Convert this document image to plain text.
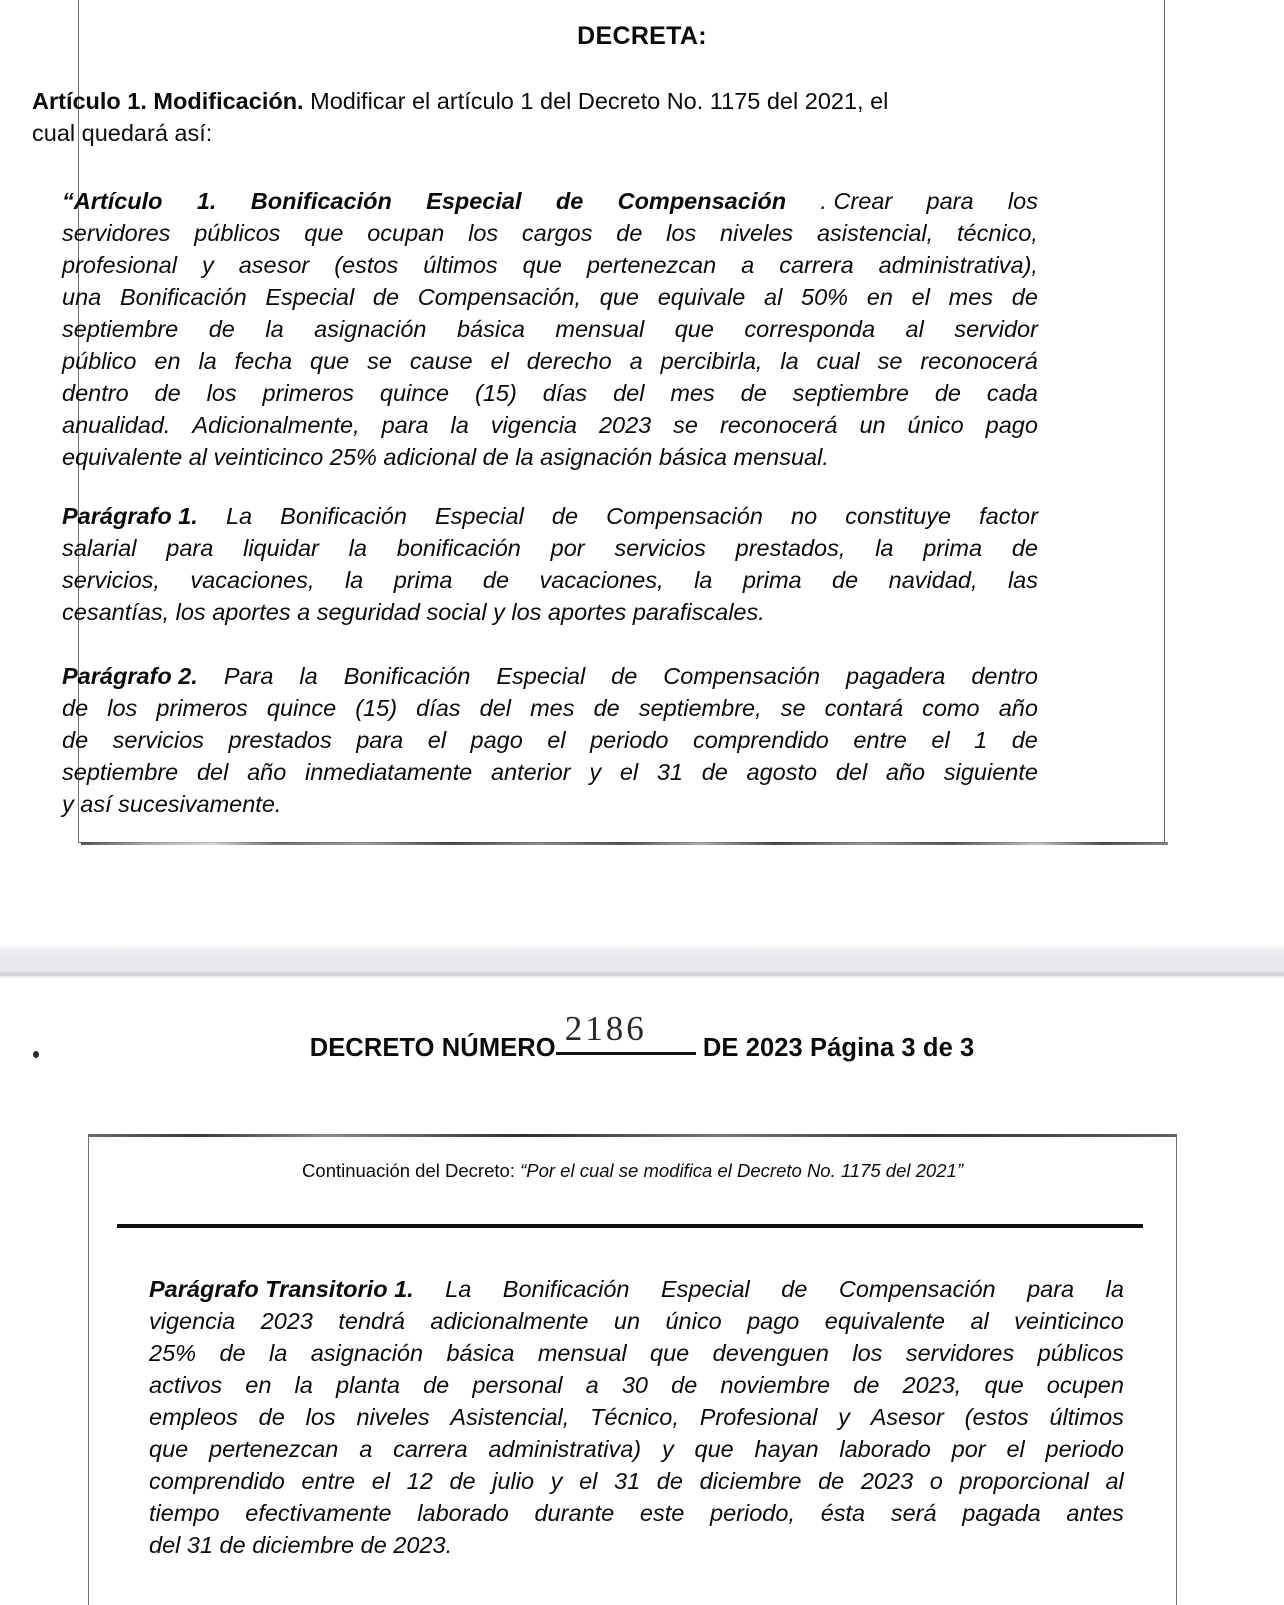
DECRETA:
Artículo 1. Modificación. Modificar el artículo 1 del Decreto No. 1175 del 2021, el
cual quedará así:
“Artículo 1. Bonificación Especial de Compensación . Crear para los
servidores públicos que ocupan los cargos de los niveles asistencial, técnico,
profesional y asesor (estos últimos que pertenezcan a carrera administrativa),
una Bonificación Especial de Compensación, que equivale al 50% en el mes de
septiembre de la asignación básica mensual que corresponda al servidor
público en la fecha que se cause el derecho a percibirla, la cual se reconocerá
dentro de los primeros quince (15) días del mes de septiembre de cada
anualidad. Adicionalmente, para la vigencia 2023 se reconocerá un único pago
equivalente al veinticinco 25% adicional de la asignación básica mensual.
Parágrafo 1. La Bonificación Especial de Compensación no constituye factor
salarial para liquidar la bonificación por servicios prestados, la prima de
servicios, vacaciones, la prima de vacaciones, la prima de navidad, las
cesantías, los aportes a seguridad social y los aportes parafiscales.
Parágrafo 2. Para la Bonificación Especial de Compensación pagadera dentro
de los primeros quince (15) días del mes de septiembre, se contará como año
de servicios prestados para el pago el periodo comprendido entre el 1 de
septiembre del año inmediatamente anterior y el 31 de agosto del año siguiente
y así sucesivamente.
DECRETO NÚMERO 2186 DE 2023 Página 3 de 3
Continuación del Decreto: “Por el cual se modifica el Decreto No. 1175 del 2021ˮ
Parágrafo Transitorio 1. La Bonificación Especial de Compensación para la
vigencia 2023 tendrá adicionalmente un único pago equivalente al veinticinco
25% de la asignación básica mensual que devenguen los servidores públicos
activos en la planta de personal a 30 de noviembre de 2023, que ocupen
empleos de los niveles Asistencial, Técnico, Profesional y Asesor (estos últimos
que pertenezcan a carrera administrativa) y que hayan laborado por el periodo
comprendido entre el 12 de julio y el 31 de diciembre de 2023 o proporcional al
tiempo efectivamente laborado durante este periodo, ésta será pagada antes
del 31 de diciembre de 2023.
